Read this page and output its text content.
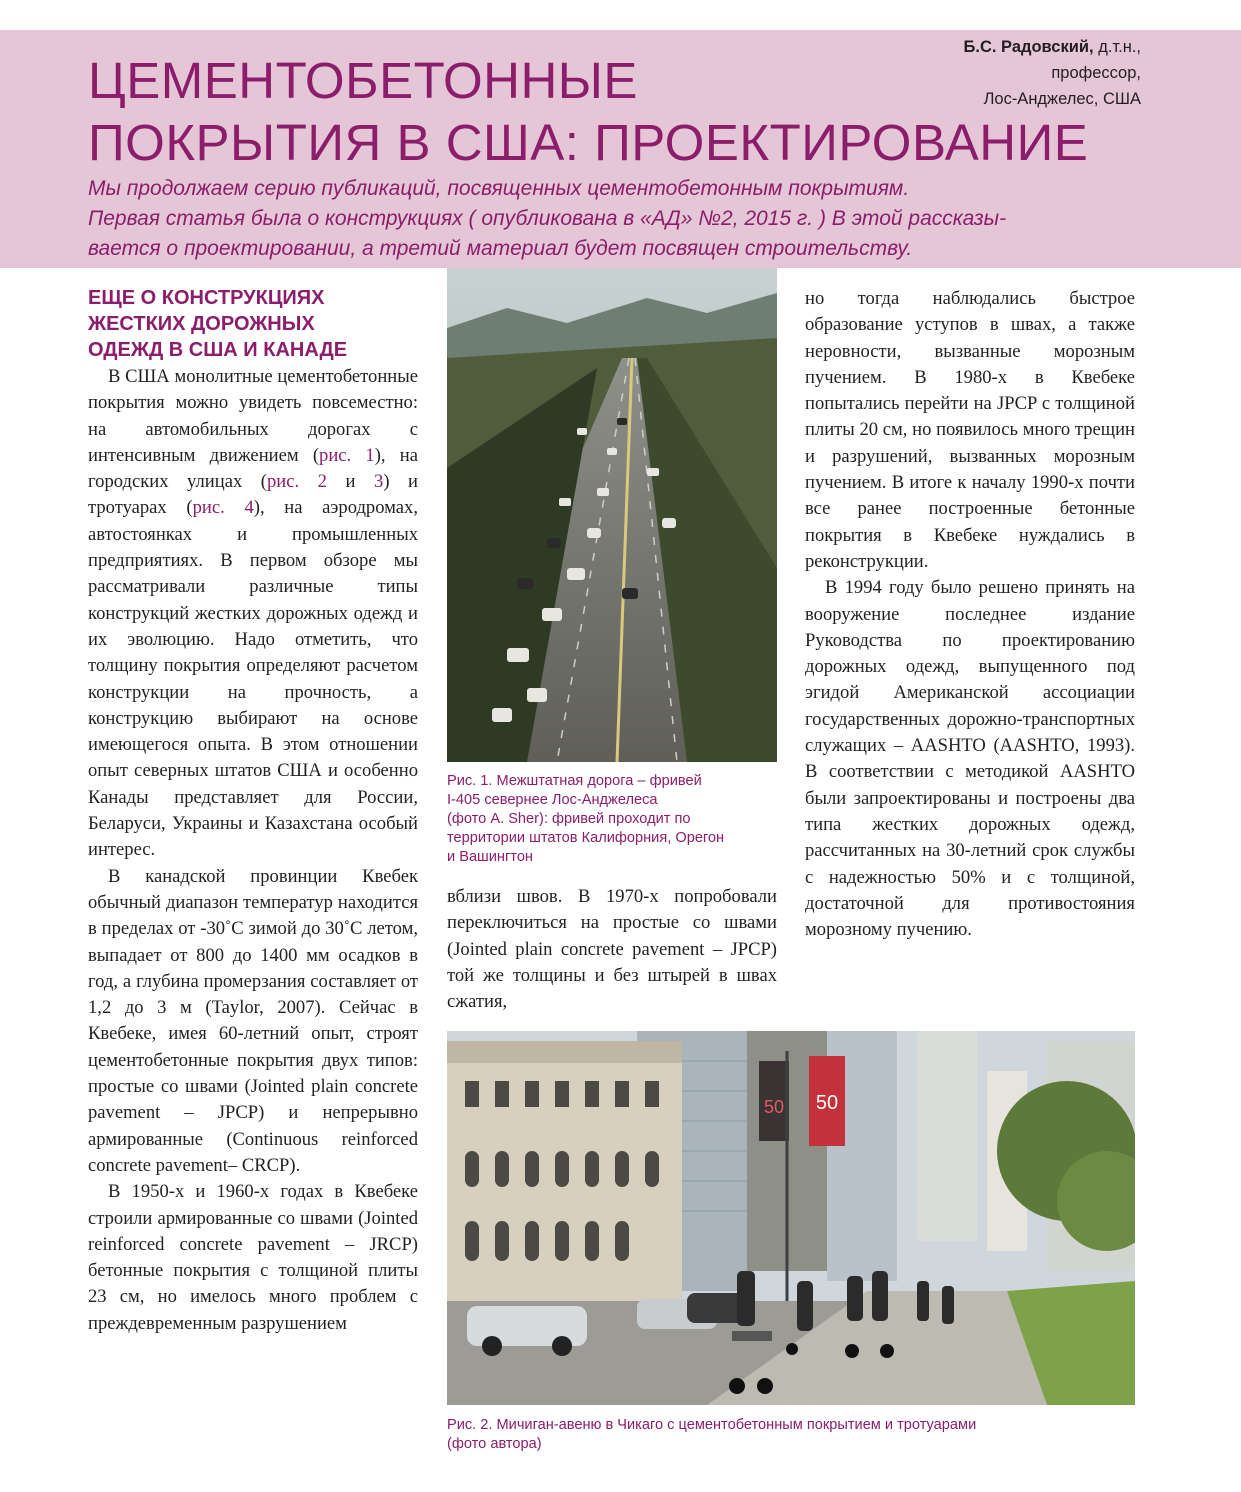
ЦЕМЕНТОБЕТОННЫЕ
ПОКРЫТИЯ В США: ПРОЕКТИРОВАНИЕ
Б.С. Радовский, д.т.н.,
профессор,
Лос-Анджелес, США
Мы продолжаем серию публикаций, посвященных цементобетонным покрытиям.
Первая статья была о конструкциях ( опубликована в «АД» №2, 2015 г. ) В этой рассказы-
вается о проектировании, а третий материал будет посвящен строительству.
ЕЩЕ О КОНСТРУКЦИЯХ
ЖЕСТКИХ ДОРОЖНЫХ
ОДЕЖД В США И КАНАДЕ

В США монолитные цементобетонные покрытия можно увидеть повсеместно: на автомобильных дорогах с интенсивным движением (рис. 1), на городских улицах (рис. 2 и 3) и тротуарах (рис. 4), на аэродромах, автостоянках и промышленных предприятиях. В первом обзоре мы рассматривали различные типы конструкций жестких дорожных одежд и их эволюцию. Надо отметить, что толщину покрытия определяют расчетом конструкции на прочность, а конструкцию выбирают на основе имеющегося опыта. В этом отношении опыт северных штатов США и особенно Канады представляет для России, Беларуси, Украины и Казахстана особый интерес.

В канадской провинции Квебек обычный диапазон температур находится в пределах от -30˚С зимой до 30˚С летом, выпадает от 800 до 1400 мм осадков в год, а глубина промерзания составляет от 1,2 до 3 м (Taylor, 2007). Сейчас в Квебеке, имея 60-летний опыт, строят цементобетонные покрытия двух типов: простые со швами (Jointed plain concrete pavement – JPCP) и непрерывно армированные (Continuous reinforced concrete pavement– CRCP).

В 1950-х и 1960-х годах в Квебеке строили армированные со швами (Jointed reinforced concrete pavement – JRCP) бетонные покрытия с толщиной плиты 23 см, но имелось много проблем с преждевременным разрушением

Рис. 1. Межштатная дорога – фривей
I-405 севернее Лос-Анджелеса
(фото A. Sher): фривей проходит по
территории штатов Калифорния, Орегон
и Вашингтон

вблизи швов. В 1970-х попробовали переключиться на простые со швами (Jointed plain concrete pavement – JPCP) той же толщины и без штырей в швах сжатия,

но тогда наблюдались быстрое образование уступов в швах, а также неровности, вызванные морозным пучением. В 1980-х в Квебеке попытались перейти на JPCP с толщиной плиты 20 см, но появилось много трещин и разрушений, вызванных морозным пучением. В итоге к началу 1990-х почти все ранее построенные бетонные покрытия в Квебеке нуждались в реконструкции.

В 1994 году было решено принять на вооружение последнее издание Руководства по проектированию дорожных одежд, выпущенного под эгидой Американской ассоциации государственных дорожно-транспортных служащих – AASHTO (AASHTO, 1993). В соответствии с методикой AASHTO были запроектированы и построены два типа жестких дорожных одежд, рассчитанных на 30-летний срок службы с надежностью 50% и с толщиной, достаточной для противостояния морозному пучению.

50 50
Рис. 2. Мичиган-авеню в Чикаго с цементобетонным покрытием и тротуарами
(фото автора)
